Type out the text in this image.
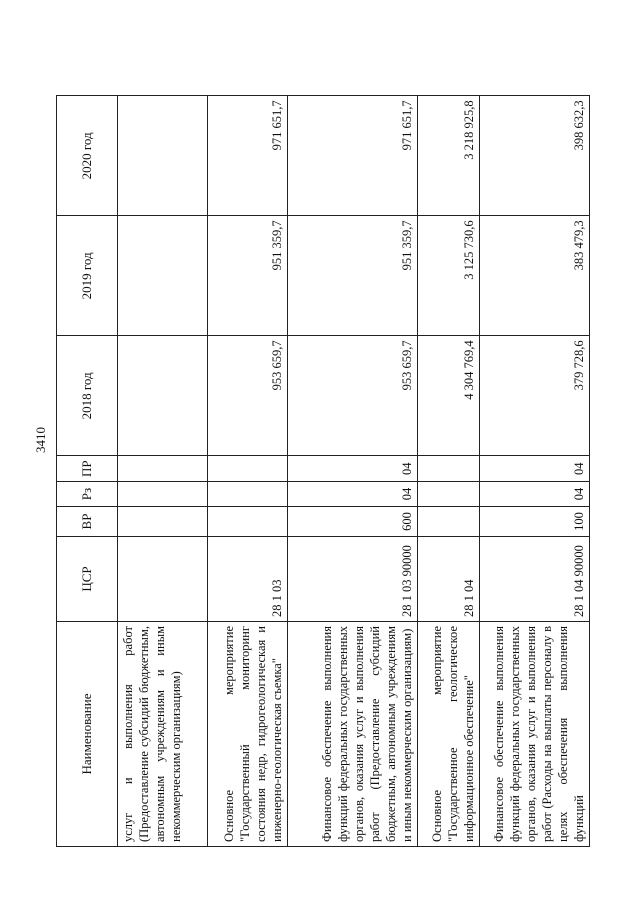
3410
Наименование	ЦСР	ВР	Рз	ПР	2018 год	2019 год	2020 год
услуг и выполнения работ (Предоставление субсидий бюджетным, автономным учреждениям и иным некоммерческим организациям)							
Основное мероприятие "Государственный мониторинг состояния недр, гидрогеологическая и инженерно-геологическая съемка"	28 1 03				953 659,7	951 359,7	971 651,7
Финансовое обеспечение выполнения функций федеральных государственных органов, оказания услуг и выполнения работ (Предоставление субсидий бюджетным, автономным учреждениям и иным некоммерческим организациям)	28 1 03 90000	600	04	04	953 659,7	951 359,7	971 651,7
Основное мероприятие "Государственное геологическое информационное обеспечение"	28 1 04				4 304 769,4	3 125 730,6	3 218 925,8
Финансовое обеспечение выполнения функций федеральных государственных органов, оказания услуг и выполнения работ (Расходы на выплаты персоналу в целях обеспечения выполнения функций	28 1 04 90000	100	04	04	379 728,6	383 479,3	398 632,3
